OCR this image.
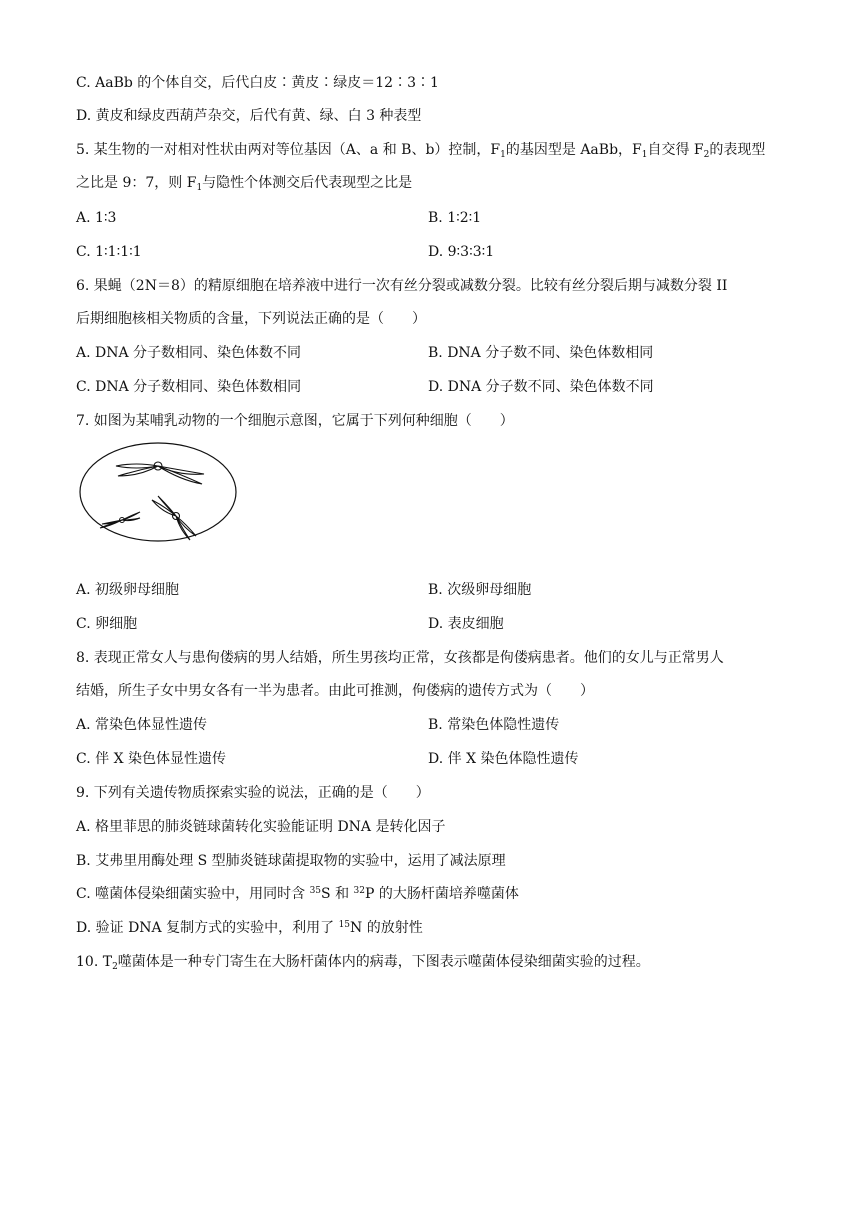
C. AaBb 的个体自交，后代白皮∶黄皮∶绿皮＝12∶3∶1
D. 黄皮和绿皮西葫芦杂交，后代有黄、绿、白 3 种表型
5. 某生物的一对相对性状由两对等位基因（A、a 和 B、b）控制，$F_1$的基因型是 AaBb，$F_1$自交得 $F_2$的表现型
之比是 9：7，则 $F_1$与隐性个体测交后代表现型之比是
A. 1∶3	B. 1∶2∶1
C. 1∶1∶1∶1	D. 9∶3∶3∶1
6. 果蝇（2N＝8）的精原细胞在培养液中进行一次有丝分裂或减数分裂。比较有丝分裂后期与减数分裂 II
后期细胞核相关物质的含量，下列说法正确的是（　　）
A. DNA 分子数相同、染色体数不同	B. DNA 分子数不同、染色体数相同
C. DNA 分子数相同、染色体数相同	D. DNA 分子数不同、染色体数不同
7. 如图为某哺乳动物的一个细胞示意图，它属于下列何种细胞（　　）
A. 初级卵母细胞	B. 次级卵母细胞
C. 卵细胞	D. 表皮细胞
8. 表现正常女人与患佝偻病的男人结婚，所生男孩均正常，女孩都是佝偻病患者。他们的女儿与正常男人
结婚，所生子女中男女各有一半为患者。由此可推测，佝偻病的遗传方式为（　　）
A. 常染色体显性遗传	B. 常染色体隐性遗传
C. 伴 X 染色体显性遗传	D. 伴 X 染色体隐性遗传
9. 下列有关遗传物质探索实验的说法，正确的是（　　）
A. 格里菲思的肺炎链球菌转化实验能证明 DNA 是转化因子
B. 艾弗里用酶处理 S 型肺炎链球菌提取物的实验中，运用了减法原理
C. 噬菌体侵染细菌实验中，用同时含 $^{35}$S 和 $^{32}$P 的大肠杆菌培养噬菌体
D. 验证 DNA 复制方式的实验中，利用了 $^{15}$N 的放射性
10. $T_2$噬菌体是一种专门寄生在大肠杆菌体内的病毒，下图表示噬菌体侵染细菌实验的过程。
